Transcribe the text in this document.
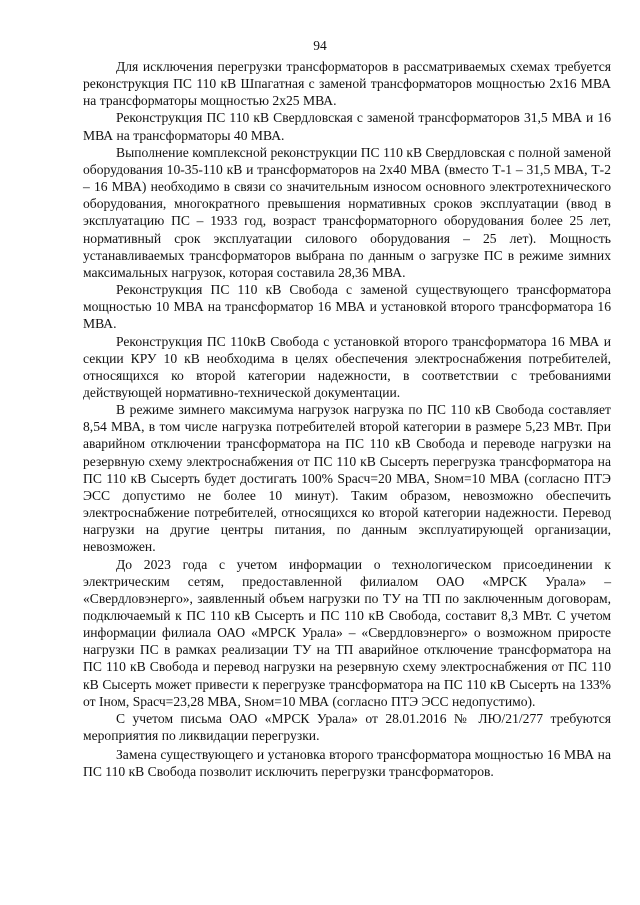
94

Для исключения перегрузки трансформаторов в рассматриваемых схемах требуется реконструкция ПС 110 кВ Шпагатная с заменой трансформаторов мощностью 2х16 МВА на трансформаторы мощностью 2х25 МВА.

Реконструкция ПС 110 кВ Свердловская с заменой трансформаторов 31,5 МВА и 16 МВА на трансформаторы 40 МВА.

Выполнение комплексной реконструкции ПС 110 кВ Свердловская с полной заменой оборудования 10-35-110 кВ и трансформаторов на 2х40 МВА (вместо Т-1 – 31,5 МВА, Т-2 – 16 МВА) необходимо в связи со значительным износом основного электротехнического оборудования, многократного превышения нормативных сроков эксплуатации (ввод в эксплуатацию ПС – 1933 год, возраст трансформаторного оборудования более 25 лет, нормативный срок эксплуатации силового оборудования – 25 лет). Мощность устанавливаемых трансформаторов выбрана по данным о загрузке ПС в режиме зимних максимальных нагрузок, которая составила 28,36 МВА.

Реконструкция ПС 110 кВ Свобода с заменой существующего трансформатора мощностью 10 МВА на трансформатор 16 МВА и установкой второго трансформатора 16 МВА.

Реконструкция ПС 110кВ Свобода с установкой второго трансформатора 16 МВА и секции КРУ 10 кВ необходима в целях обеспечения электроснабжения потребителей, относящихся ко второй категории надежности, в соответствии с требованиями действующей нормативно-технической документации.

В режиме зимнего максимума нагрузок нагрузка по ПС 110 кВ Свобода составляет 8,54 МВА, в том числе нагрузка потребителей второй категории в размере 5,23 МВт. При аварийном отключении трансформатора на ПС 110 кВ Свобода и переводе нагрузки на резервную схему электроснабжения от ПС 110 кВ Сысерть перегрузка трансформатора на ПС 110 кВ Сысерть будет достигать 100% Sрасч=20 МВА, Sном=10 МВА (согласно ПТЭ ЭСС допустимо не более 10 минут). Таким образом, невозможно обеспечить электроснабжение потребителей, относящихся ко второй категории надежности. Перевод нагрузки на другие центры питания, по данным эксплуатирующей организации, невозможен.

До 2023 года с учетом информации о технологическом присоединении к электрическим сетям, предоставленной филиалом ОАО «МРСК Урала» – «Свердловэнерго», заявленный объем нагрузки по ТУ на ТП по заключенным договорам, подключаемый к ПС 110 кВ Сысерть и ПС 110 кВ Свобода, составит 8,3 МВт. С учетом информации филиала ОАО «МРСК Урала» – «Свердловэнерго» о возможном приросте нагрузки ПС в рамках реализации ТУ на ТП аварийное отключение трансформатора на ПС 110 кВ Свобода и перевод нагрузки на резервную схему электроснабжения от ПС 110 кВ Сысерть может привести к перегрузке трансформатора на ПС 110 кВ Сысерть на 133% от Iном, Sрасч=23,28 МВА, Sном=10 МВА (согласно ПТЭ ЭСС недопустимо).

С учетом письма ОАО «МРСК Урала» от 28.01.2016 № ЛЮ/21/277 требуются мероприятия по ликвидации перегрузки.

Замена существующего и установка второго трансформатора мощностью 16 МВА на ПС 110 кВ Свобода позволит исключить перегрузки трансформаторов.
